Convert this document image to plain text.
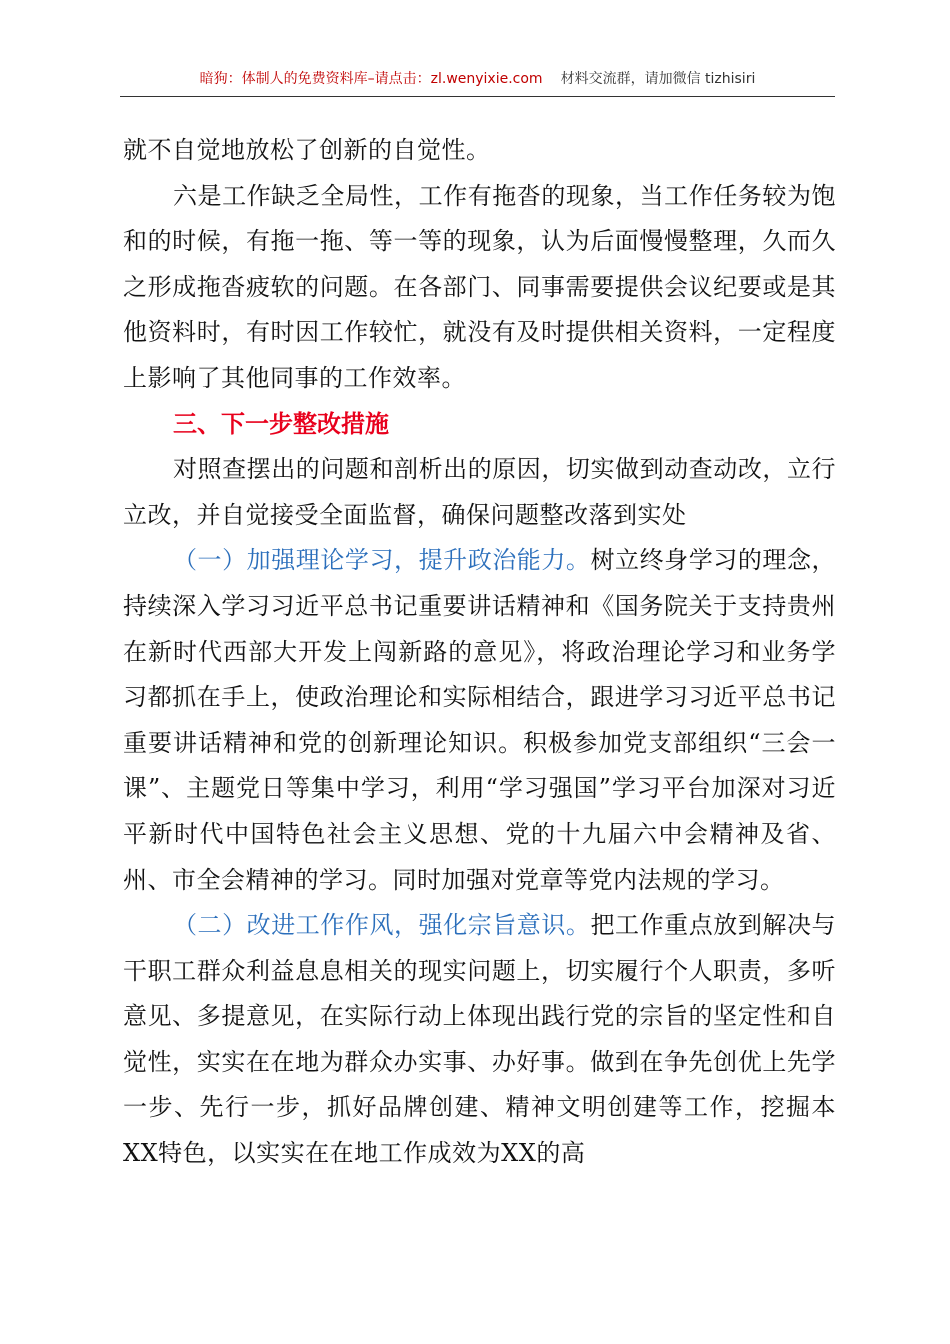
暗狗：体制人的免费资料库–请点击：zl.wenyixie.com 材料交流群，请加微信 tizhisiri

就不自觉地放松了创新的自觉性。

六是工作缺乏全局性，工作有拖沓的现象，当工作任务较为饱和的时候，有拖一拖、等一等的现象，认为后面慢慢整理，久而久之形成拖沓疲软的问题。在各部门、同事需要提供会议纪要或是其他资料时，有时因工作较忙，就没有及时提供相关资料，一定程度上影响了其他同事的工作效率。

三、下一步整改措施

对照查摆出的问题和剖析出的原因，切实做到动查动改，立行立改，并自觉接受全面监督，确保问题整改落到实处

（一）加强理论学习，提升政治能力。树立终身学习的理念，持续深入学习习近平总书记重要讲话精神和《国务院关于支持贵州在新时代西部大开发上闯新路的意见》，将政治理论学习和业务学习都抓在手上，使政治理论和实际相结合，跟进学习习近平总书记重要讲话精神和党的创新理论知识。积极参加党支部组织“三会一课”、主题党日等集中学习，利用“学习强国”学习平台加深对习近平新时代中国特色社会主义思想、党的十九届六中会精神及省、州、市全会精神的学习。同时加强对党章等党内法规的学习。

（二）改进工作作风，强化宗旨意识。把工作重点放到解决与干职工群众利益息息相关的现实问题上，切实履行个人职责，多听意见、多提意见，在实际行动上体现出践行党的宗旨的坚定性和自觉性，实实在在地为群众办实事、办好事。做到在争先创优上先学一步、先行一步，抓好品牌创建、精神文明创建等工作，挖掘本XX特色，以实实在在地工作成效为XX的高
